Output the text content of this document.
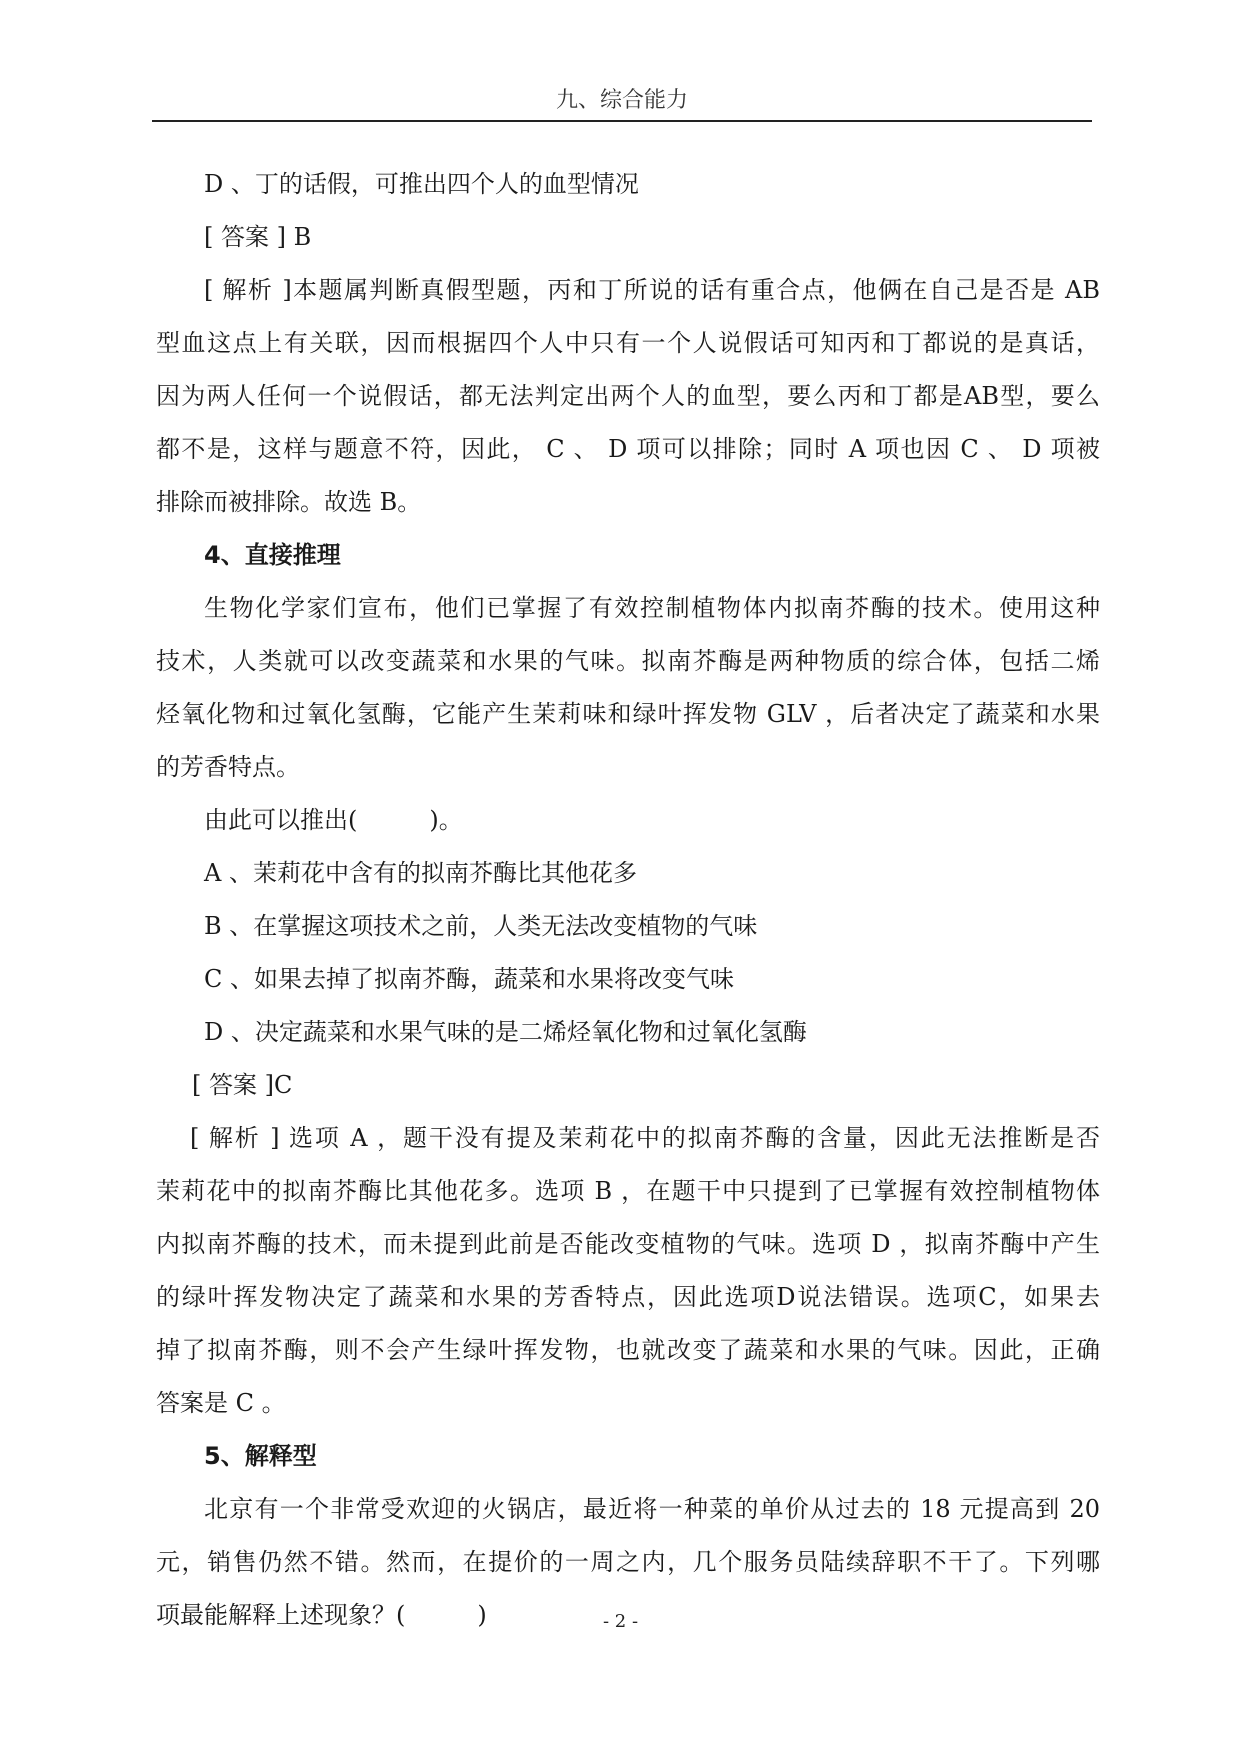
九、综合能力
D 、丁的话假，可推出四个人的血型情况
[ 答案 ] B
[ 解析 ]本题属判断真假型题，丙和丁所说的话有重合点，他俩在自己是否是 AB
型血这点上有关联，因而根据四个人中只有一个人说假话可知丙和丁都说的是真话，
因为两人任何一个说假话，都无法判定出两个人的血型，要么丙和丁都是AB型，要么
都不是，这样与题意不符，因此， C 、 D 项可以排除；同时 A 项也因 C 、 D 项被
排除而被排除。故选 B。
4、直接推理
生物化学家们宣布，他们已掌握了有效控制植物体内拟南芥酶的技术。使用这种
技术，人类就可以改变蔬菜和水果的气味。拟南芥酶是两种物质的综合体，包括二烯
烃氧化物和过氧化氢酶，它能产生茉莉味和绿叶挥发物 GLV ，后者决定了蔬菜和水果
的芳香特点。
由此可以推出(　　　)。
A 、茉莉花中含有的拟南芥酶比其他花多
B 、在掌握这项技术之前，人类无法改变植物的气味
C 、如果去掉了拟南芥酶，蔬菜和水果将改变气味
D 、决定蔬菜和水果气味的是二烯烃氧化物和过氧化氢酶
[ 答案 ]C
[ 解析 ] 选项 A ，题干没有提及茉莉花中的拟南芥酶的含量，因此无法推断是否
茉莉花中的拟南芥酶比其他花多。选项 B ，在题干中只提到了已掌握有效控制植物体
内拟南芥酶的技术，而未提到此前是否能改变植物的气味。选项 D ，拟南芥酶中产生
的绿叶挥发物决定了蔬菜和水果的芳香特点，因此选项D说法错误。选项C，如果去
掉了拟南芥酶，则不会产生绿叶挥发物，也就改变了蔬菜和水果的气味。因此，正确
答案是 C 。
5、解释型
北京有一个非常受欢迎的火锅店，最近将一种菜的单价从过去的 18 元提高到 20
元，销售仍然不错。然而，在提价的一周之内，几个服务员陆续辞职不干了。下列哪
项最能解释上述现象？(　　　)	- 2 -
